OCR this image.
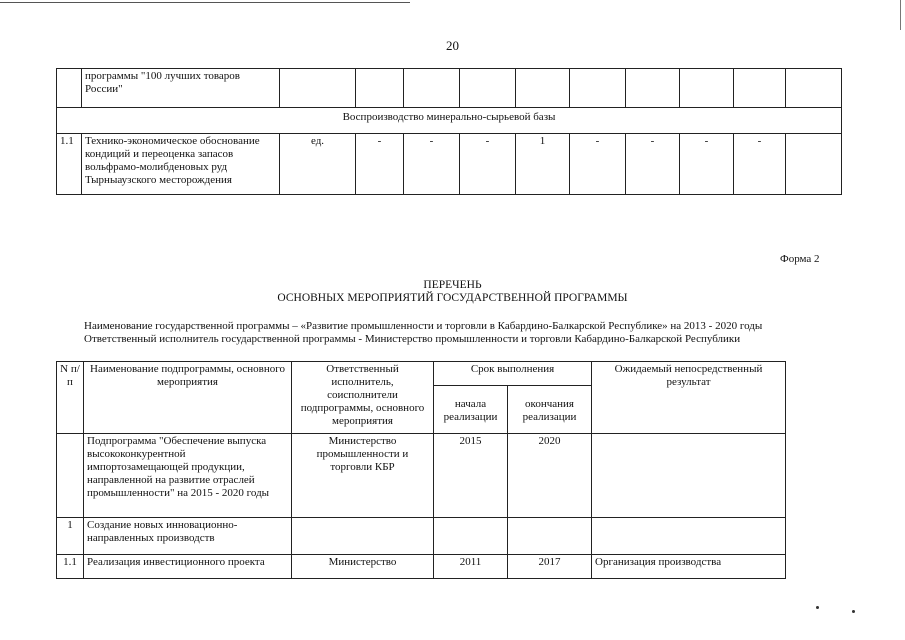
20
	программы "100 лучших товаров России"										
Воспроизводство минерально-сырьевой базы											
1.1	Технико-экономическое обоснование кондиций и переоценка запасов вольфрамо-молибденовых руд Тырныаузского месторождения	ед.	-	-	-	1	-	-	-	-	
Форма 2
ПЕРЕЧЕНЬ
ОСНОВНЫХ МЕРОПРИЯТИЙ ГОСУДАРСТВЕННОЙ ПРОГРАММЫ
Наименование государственной программы – «Развитие промышленности и торговли в Кабардино-Балкарской Республике» на 2013 - 2020 годы
Ответственный исполнитель государственной программы - Министерство промышленности и торговли Кабардино-Балкарской Республики
N п/п	Наименование подпрограммы, основного мероприятия	Ответственный исполнитель, соисполнители подпрограммы, основного мероприятия	Срок выполнения		Ожидаемый непосредственный результат
			начала реализации	окончания реализации	
	Подпрограмма "Обеспечение выпуска высококонкурентной импортозамещающей продукции, направленной на развитие отраслей промышленности" на 2015 - 2020 годы	Министерство промышленности и торговли КБР	2015	2020	
1	Создание новых инновационно-направленных производств				
1.1	Реализация инвестиционного проекта	Министерство	2011	2017	Организация производства
